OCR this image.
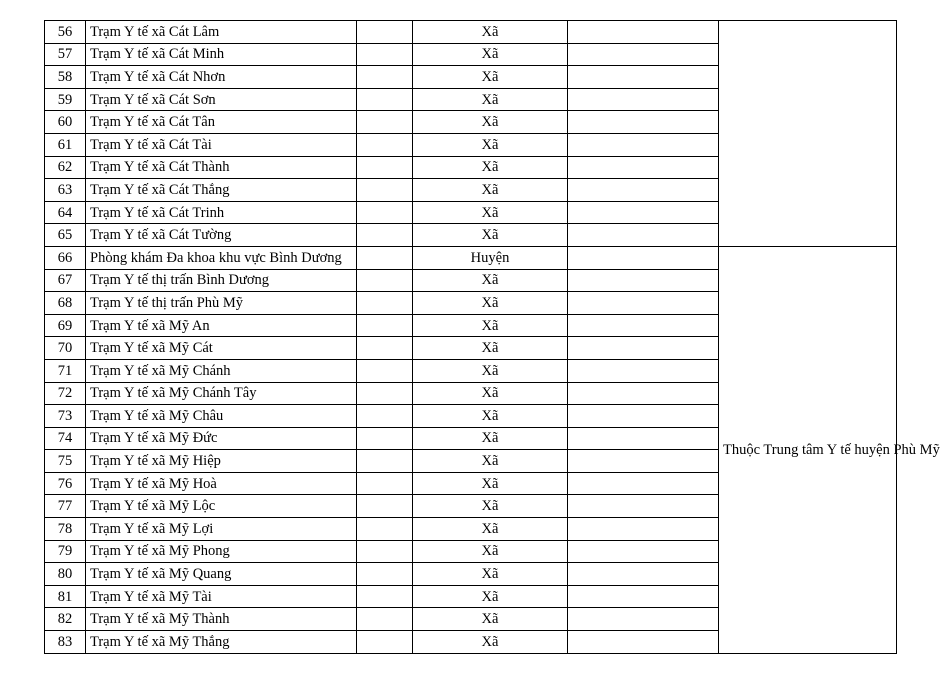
56	Trạm Y tế xã Cát Lâm		Xã		
57	Trạm Y tế xã Cát Minh		Xã		
58	Trạm Y tế xã Cát Nhơn		Xã		
59	Trạm Y tế xã Cát Sơn		Xã		
60	Trạm Y tế xã Cát Tân		Xã		
61	Trạm Y tế xã Cát Tài		Xã		
62	Trạm Y tế xã Cát Thành		Xã		
63	Trạm Y tế xã Cát Thắng		Xã		
64	Trạm Y tế xã Cát Trinh		Xã		
65	Trạm Y tế xã Cát Tường		Xã		
66	Phòng khám Đa khoa khu vực Bình Dương		Huyện		Thuộc Trung tâm Y tế huyện Phù Mỹ
67	Trạm Y tế thị trấn Bình Dương		Xã		
68	Trạm Y tế thị trấn Phù Mỹ		Xã		
69	Trạm Y tế xã Mỹ An		Xã		
70	Trạm Y tế xã Mỹ Cát		Xã		
71	Trạm Y tế xã Mỹ Chánh		Xã		
72	Trạm Y tế xã Mỹ Chánh Tây		Xã		
73	Trạm Y tế xã Mỹ Châu		Xã		
74	Trạm Y tế xã Mỹ Đức		Xã		
75	Trạm Y tế xã Mỹ Hiệp		Xã		
76	Trạm Y tế xã Mỹ Hoà		Xã		
77	Trạm Y tế xã Mỹ Lộc		Xã		
78	Trạm Y tế xã Mỹ Lợi		Xã		
79	Trạm Y tế xã Mỹ Phong		Xã		
80	Trạm Y tế xã Mỹ Quang		Xã		
81	Trạm Y tế xã Mỹ Tài		Xã		
82	Trạm Y tế xã Mỹ Thành		Xã		
83	Trạm Y tế xã Mỹ Thắng		Xã		
